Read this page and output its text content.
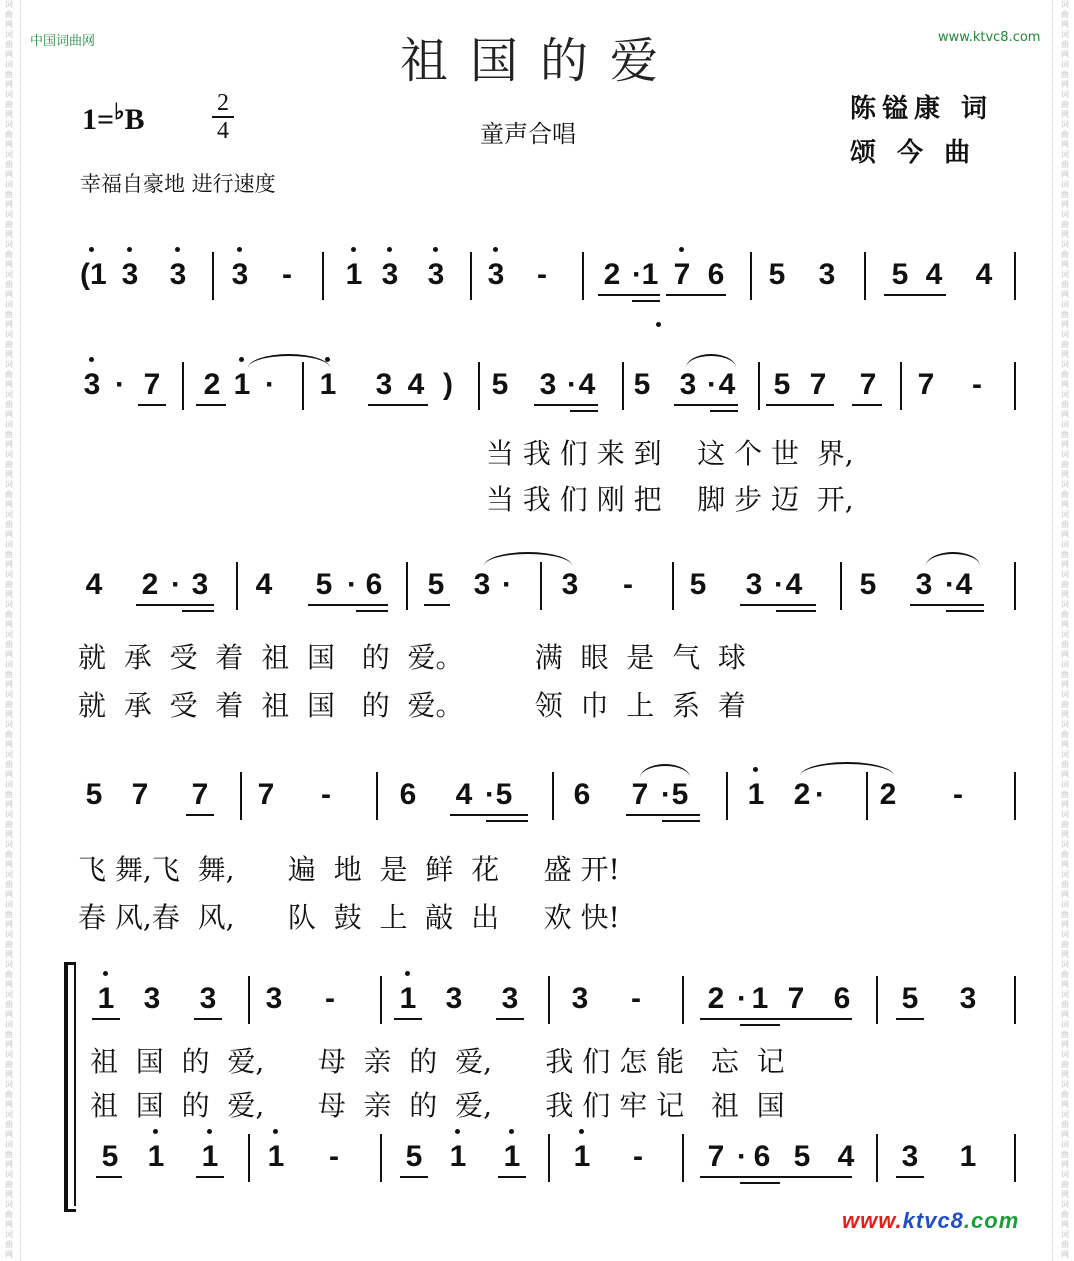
词
曲
网
词
曲
网
词
曲
网
词
曲
网
词
曲
网
词
曲
网
词
曲
网
词
曲
网
词
曲
网
词
曲
网
词
曲
网
词
曲
网
词
曲
网
词
曲
网
词
曲
网
词
曲
网
词
曲
网
词
曲
网
词
曲
网
词
曲
网
词
曲
网
词
曲
网
词
曲
网
词
曲
网
词
曲
网
词
曲
网
词
曲
网
词
曲
网
词
曲
网
词
曲
网
词
曲
网
词
曲
网
词
曲
网
词
曲
网
词
曲
网
词
曲
网
词
曲
网
词
曲
网
词
曲
网
词
曲
网
词
曲
网
词
曲
网

词
曲
网
词
曲
网
词
曲
网
词
曲
网
词
曲
网
词
曲
网
词
曲
网
词
曲
网
词
曲
网
词
曲
网
词
曲
网
词
曲
网
词
曲
网
词
曲
网
词
曲
网
词
曲
网
词
曲
网
词
曲
网
词
曲
网
词
曲
网
词
曲
网
词
曲
网
词
曲
网
词
曲
网
词
曲
网
词
曲
网
词
曲
网
词
曲
网
词
曲
网
词
曲
网
词
曲
网
词
曲
网
词
曲
网
词
曲
网
词
曲
网
词
曲
网
词
曲
网
词
曲
网
词
曲
网
词
曲
网
词
曲
网
词
曲
网

中国词曲网	www.ktvc8.com
祖国的爱
1=♭B	2
4	童声合唱
陈镒康 词
颂 今 曲
幸福自豪地 进行速度
(1 3 3 3 - 1 3 3 3 - 2 · 1 7 6 5 3 5 4 4
3 · 7 2 1 · 1 3 4 ) 5 3 · 4 5 3 · 4 5 7 7 7 -
当 我 们 来 到    这 个 世  界,
当 我 们 刚 把    脚 步 迈  开,
4 2 · 3 4 5 · 6 5 3 · 3 - 5 3 · 4 5 3 · 4
就  承  受  着  祖  国   的  爱。        满  眼  是  气  球
就  承  受  着  祖  国   的  爱。        领  巾  上  系  着
5 7 7 7 - 6 4 · 5 6 7 · 5 1 2 · 2 -
飞 舞,飞  舞,      遍  地  是  鲜  花     盛 开!
春 风,春  风,      队  鼓  上  敲  出     欢 快!
1 3 3 3 - 1 3 3 3 - 2 · 1 7 6 5 3
祖  国  的  爱,      母  亲  的  爱,      我 们 怎 能   忘  记
祖  国  的  爱,      母  亲  的  爱,      我 们 牢 记   祖  国
5 1 1 1 - 5 1 1 1 - 7 · 6 5 4 3 1
www.ktvc8.com
